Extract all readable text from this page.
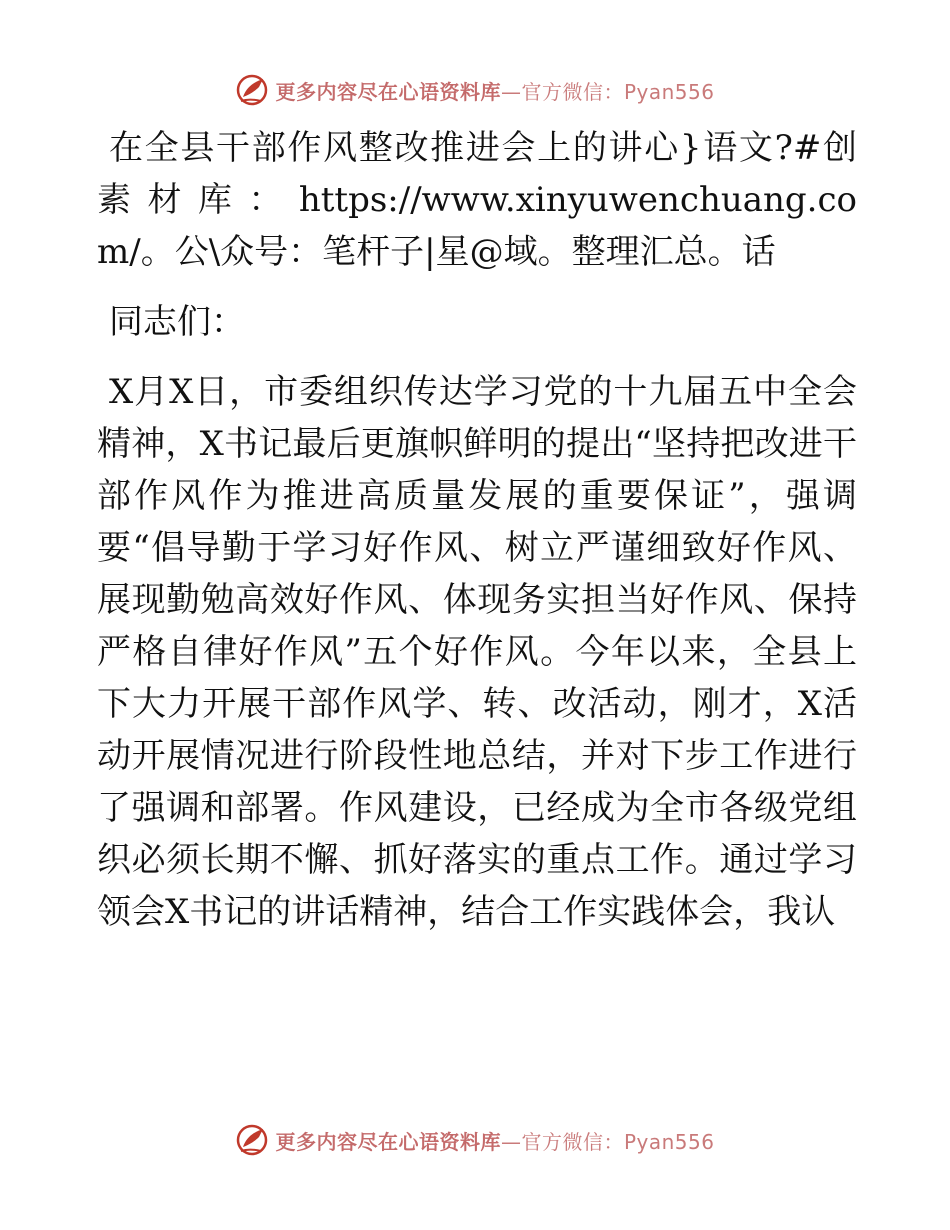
更多内容尽在心语资料库—官方微信：Pyan556

在全县干部作风整改推进会上的讲心}语文?#创素材库：https://www.xinyuwenchuang.com/。公\众号：笔杆子|星@域。整理汇总。话

同志们：

X月X日，市委组织传达学习党的十九届五中全会精神，X书记最后更旗帜鲜明的提出“坚持把改进干部作风作为推进高质量发展的重要保证”，强调要“倡导勤于学习好作风、树立严谨细致好作风、展现勤勉高效好作风、体现务实担当好作风、保持严格自律好作风”五个好作风。今年以来，全县上下大力开展干部作风学、转、改活动，刚才，X活动开展情况进行阶段性地总结，并对下步工作进行了强调和部署。作风建设，已经成为全市各级党组织必须长期不懈、抓好落实的重点工作。通过学习领会X书记的讲话精神，结合工作实践体会，我认

更多内容尽在心语资料库—官方微信：Pyan556
